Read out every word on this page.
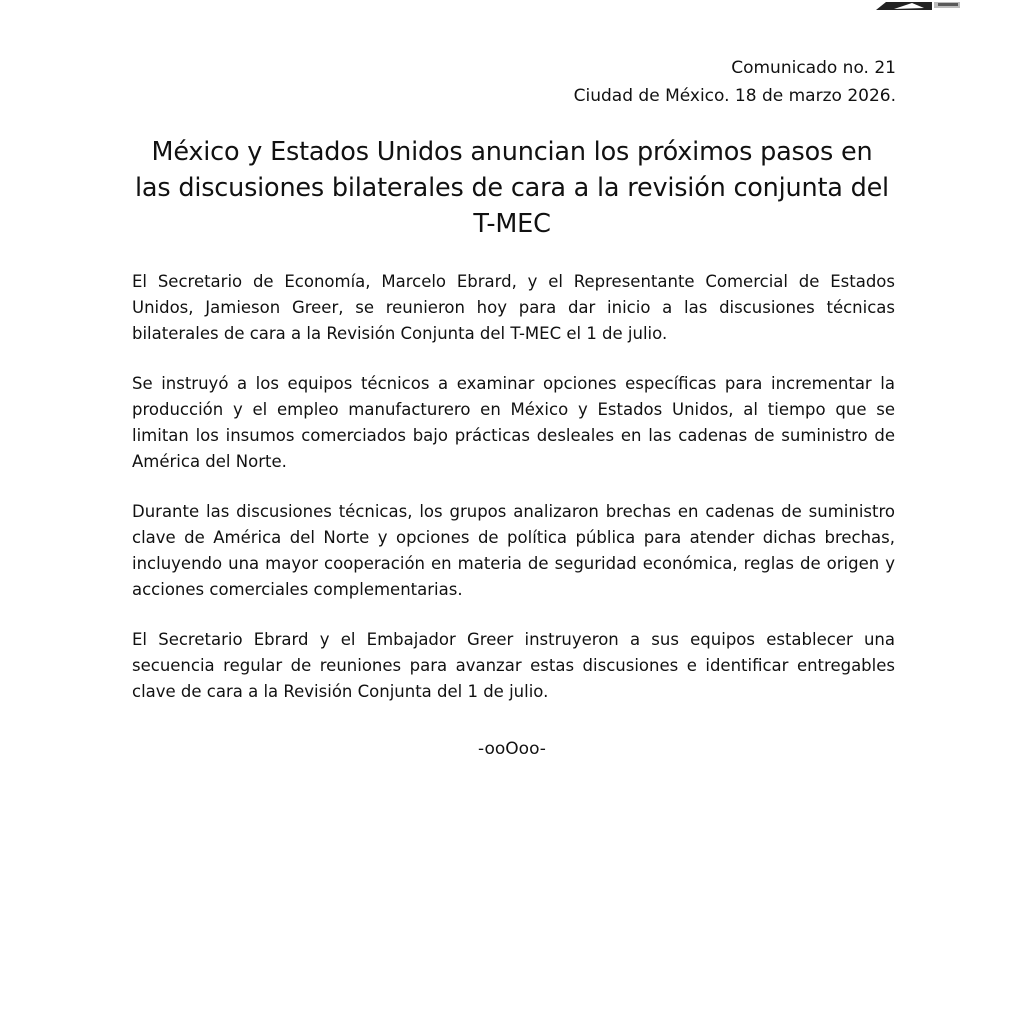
Comunicado no. 21
Ciudad de México. 18 de marzo 2026.
México y Estados Unidos anuncian los próximos pasos en las discusiones bilaterales de cara a la revisión conjunta del T-MEC

El Secretario de Economía, Marcelo Ebrard, y el Representante Comercial de Estados Unidos, Jamieson Greer, se reunieron hoy para dar inicio a las discusiones técnicas bilaterales de cara a la Revisión Conjunta del T-MEC el 1 de julio.

Se instruyó a los equipos técnicos a examinar opciones específicas para incrementar la producción y el empleo manufacturero en México y Estados Unidos, al tiempo que se limitan los insumos comerciados bajo prácticas desleales en las cadenas de suministro de América del Norte.

Durante las discusiones técnicas, los grupos analizaron brechas en cadenas de suministro clave de América del Norte y opciones de política pública para atender dichas brechas, incluyendo una mayor cooperación en materia de seguridad económica, reglas de origen y acciones comerciales complementarias.

El Secretario Ebrard y el Embajador Greer instruyeron a sus equipos establecer una secuencia regular de reuniones para avanzar estas discusiones e identificar entregables clave de cara a la Revisión Conjunta del 1 de julio.

-ooOoo-
